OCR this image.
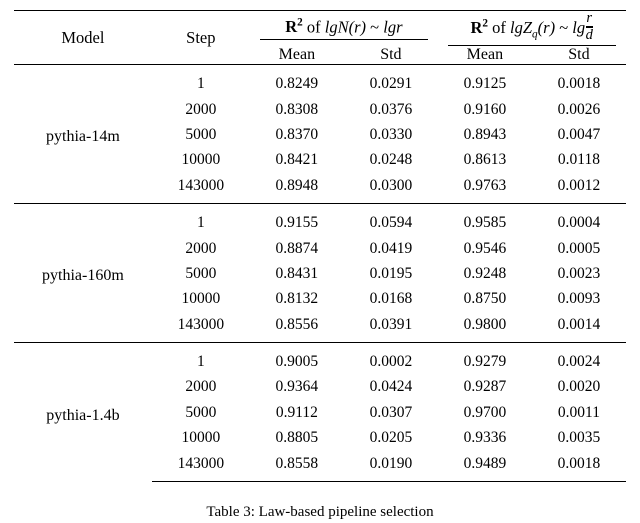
Model	Step	$R^2$ of lgN(r) ~ lgr		$R^2$ of lgZ$_q$(r) ~ $\lg \frac{r}{d}$

		Mean	Std	Mean	Std
pythia-14m	1	0.8249	0.0291	0.9125	0.0018
	2000	0.8308	0.0376	0.9160	0.0026
	5000	0.8370	0.0330	0.8943	0.0047
	10000	0.8421	0.0248	0.8613	0.0118
	143000	0.8948	0.0300	0.9763	0.0012
pythia-160m	1	0.9155	0.0594	0.9585	0.0004
	2000	0.8874	0.0419	0.9546	0.0005
	5000	0.8431	0.0195	0.9248	0.0023
	10000	0.8132	0.0168	0.8750	0.0093
	143000	0.8556	0.0391	0.9800	0.0014
pythia-1.4b	1	0.9005	0.0002	0.9279	0.0024
	2000	0.9364	0.0424	0.9287	0.0020
	5000	0.9112	0.0307	0.9700	0.0011
	10000	0.8805	0.0205	0.9336	0.0035
	143000	0.8558	0.0190	0.9489	0.0018
Table 3: Law-based pipeline selection
